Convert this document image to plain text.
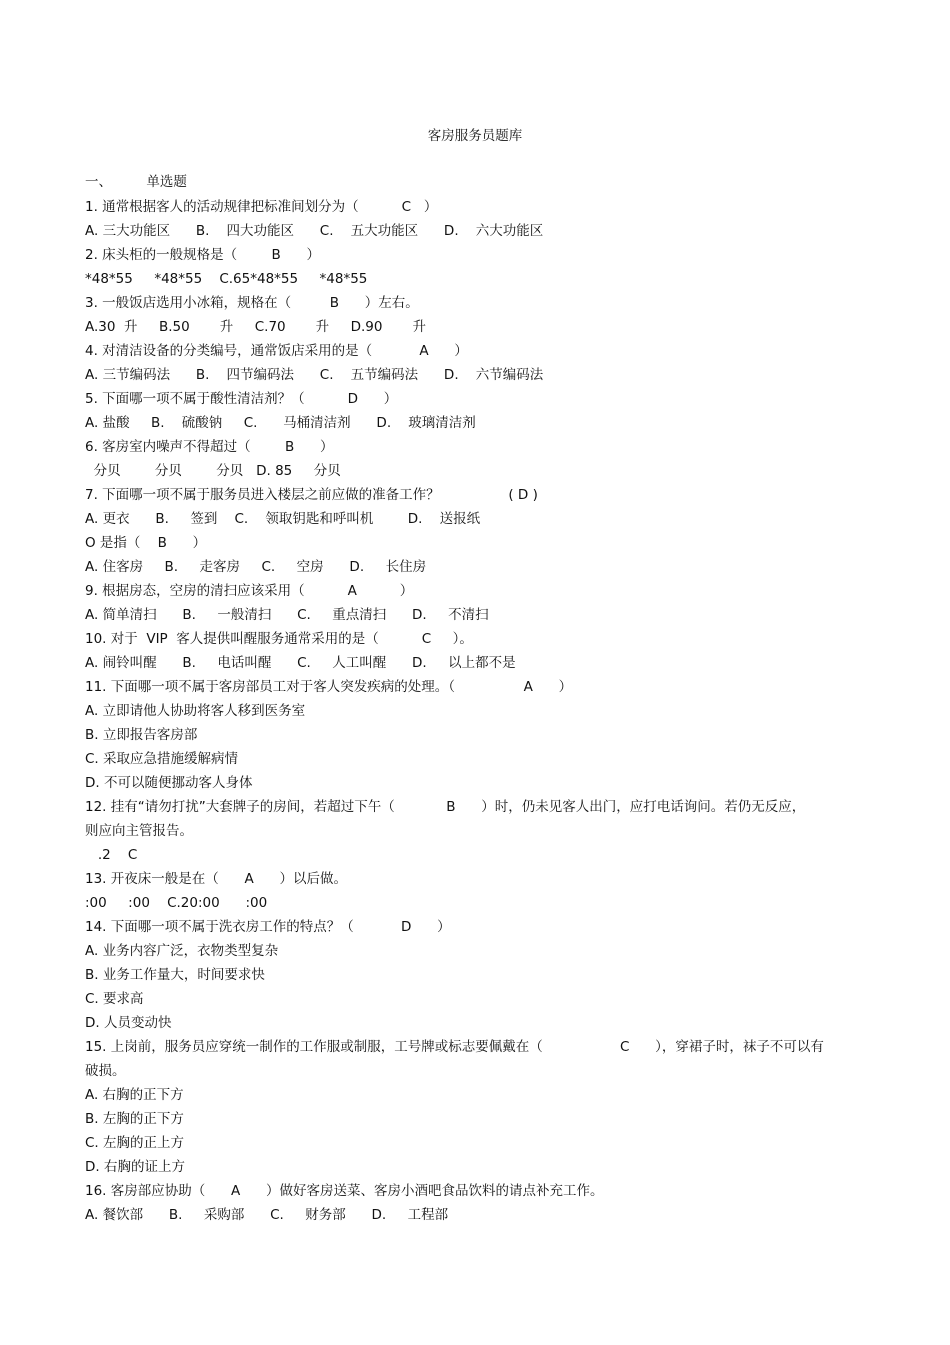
客房服务员题库
一、        单选题
1. 通常根据客人的活动规律把标准间划分为（          C   ）
A. 三大功能区      B.    四大功能区      C.    五大功能区      D.    六大功能区
2. 床头柜的一般规格是（        B      ）
*48*55     *48*55    C.65*48*55     *48*55
3. 一般饭店选用小冰箱，规格在（         B      ）左右。
A.30  升     B.50       升     C.70       升     D.90       升
4. 对清洁设备的分类编号，通常饭店采用的是（           A      ）
A. 三节编码法      B.    四节编码法      C.    五节编码法      D.    六节编码法
5. 下面哪一项不属于酸性清洁剂？（          D      ）
A. 盐酸     B.    硫酸钠     C.      马桶清洁剂      D.    玻璃清洁剂
6. 客房室内噪声不得超过（        B      ）
分贝        分贝        分贝   D. 85     分贝
7. 下面哪一项不属于服务员进入楼层之前应做的准备工作？                ( D )
A. 更衣      B.     签到    C.    领取钥匙和呼叫机        D.    送报纸
O 是指（    B      ）
A. 住客房     B.     走客房     C.     空房      D.     长住房
9. 根据房态，空房的清扫应该采用（          A          ）
A. 简单清扫      B.     一般清扫      C.     重点清扫      D.     不清扫
10. 对于  VIP  客人提供叫醒服务通常采用的是（          C     ）。
A. 闹铃叫醒      B.     电话叫醒      C.     人工叫醒      D.     以上都不是
11. 下面哪一项不属于客房部员工对于客人突发疾病的处理。（                A      ）
A. 立即请他人协助将客人移到医务室
B. 立即报告客房部
C. 采取应急措施缓解病情
D. 不可以随便挪动客人身体
12. 挂有“请勿打扰”大套牌子的房间，若超过下午（            B      ）时，仍未见客人出门，应打电话询问。若仍无反应，
则应向主管报告。
.2    C
13. 开夜床一般是在（      A      ）以后做。
:00     :00    C.20:00      :00
14. 下面哪一项不属于洗衣房工作的特点？（           D      ）
A. 业务内容广泛，衣物类型复杂
B. 业务工作量大，时间要求快
C. 要求高
D. 人员变动快
15. 上岗前，服务员应穿统一制作的工作服或制服，工号牌或标志要佩戴在（                  C      ），穿裙子时，袜子不可以有
破损。
A. 右胸的正下方
B. 左胸的正下方
C. 左胸的正上方
D. 右胸的证上方
16. 客房部应协助（      A      ）做好客房送菜、客房小酒吧食品饮料的请点补充工作。
A. 餐饮部      B.     采购部      C.     财务部      D.     工程部
